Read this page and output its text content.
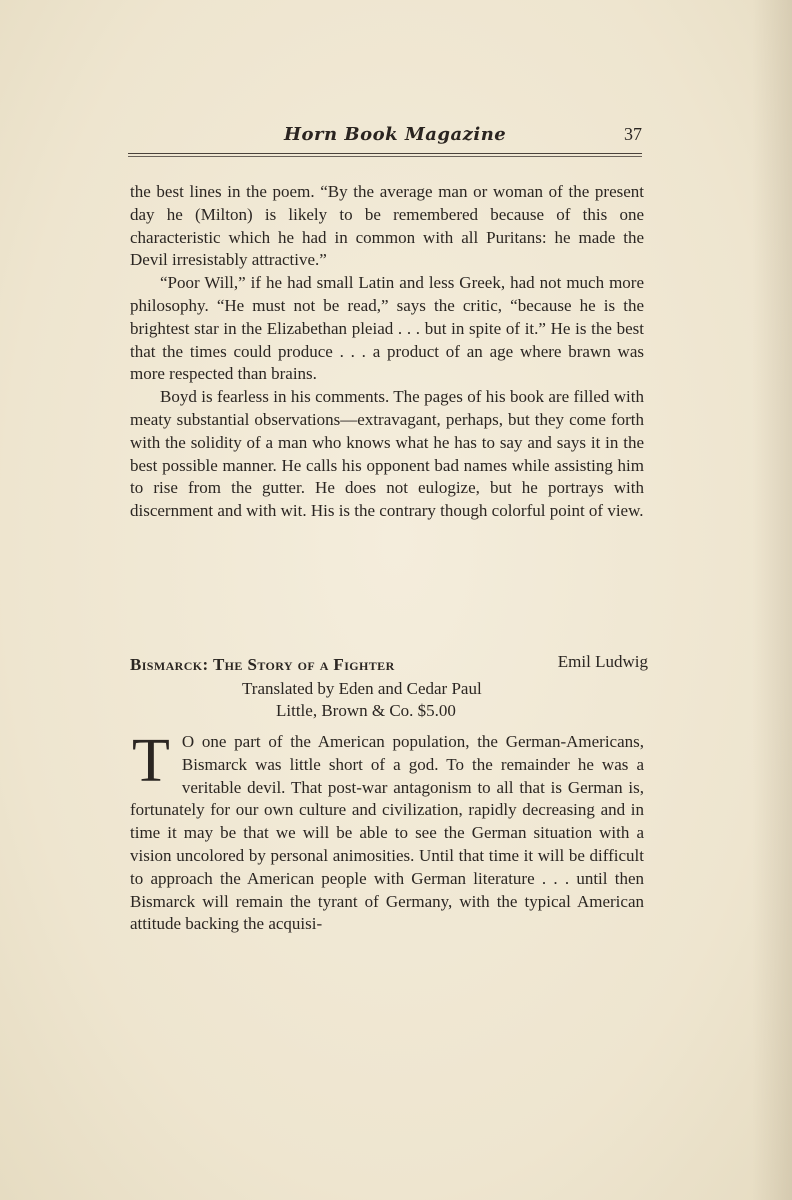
Horn Book Magazine	37

the best lines in the poem. “By the average man or woman of the present day he (Milton) is likely to be remembered because of this one characteristic which he had in common with all Puritans: he made the Devil irresistably attractive.”

“Poor Will,” if he had small Latin and less Greek, had not much more philosophy. “He must not be read,” says the critic, “because he is the brightest star in the Elizabethan pleiad . . . but in spite of it.” He is the best that the times could produce . . . a product of an age where brawn was more respected than brains.

Boyd is fearless in his comments. The pages of his book are filled with meaty substantial observations—extravagant, perhaps, but they come forth with the solidity of a man who knows what he has to say and says it in the best possible manner. He calls his opponent bad names while assisting him to rise from the gutter. He does not eulogize, but he portrays with discernment and with wit. His is the contrary though colorful point of view.

Bismarck: The Story of a Fighter	Emil Ludwig
Translated by Eden and Cedar Paul
Little, Brown & Co. $5.00

T O one part of the American population, the German-Americans, Bismarck was little short of a god. To the remainder he was a veritable devil. That post-war antagonism to all that is German is, fortunately for our own culture and civilization, rapidly decreasing and in time it may be that we will be able to see the German situation with a vision uncolored by personal animosities. Until that time it will be difficult to approach the American people with German literature . . . until then Bismarck will remain the tyrant of Germany, with the typical American attitude backing the acquisi-
